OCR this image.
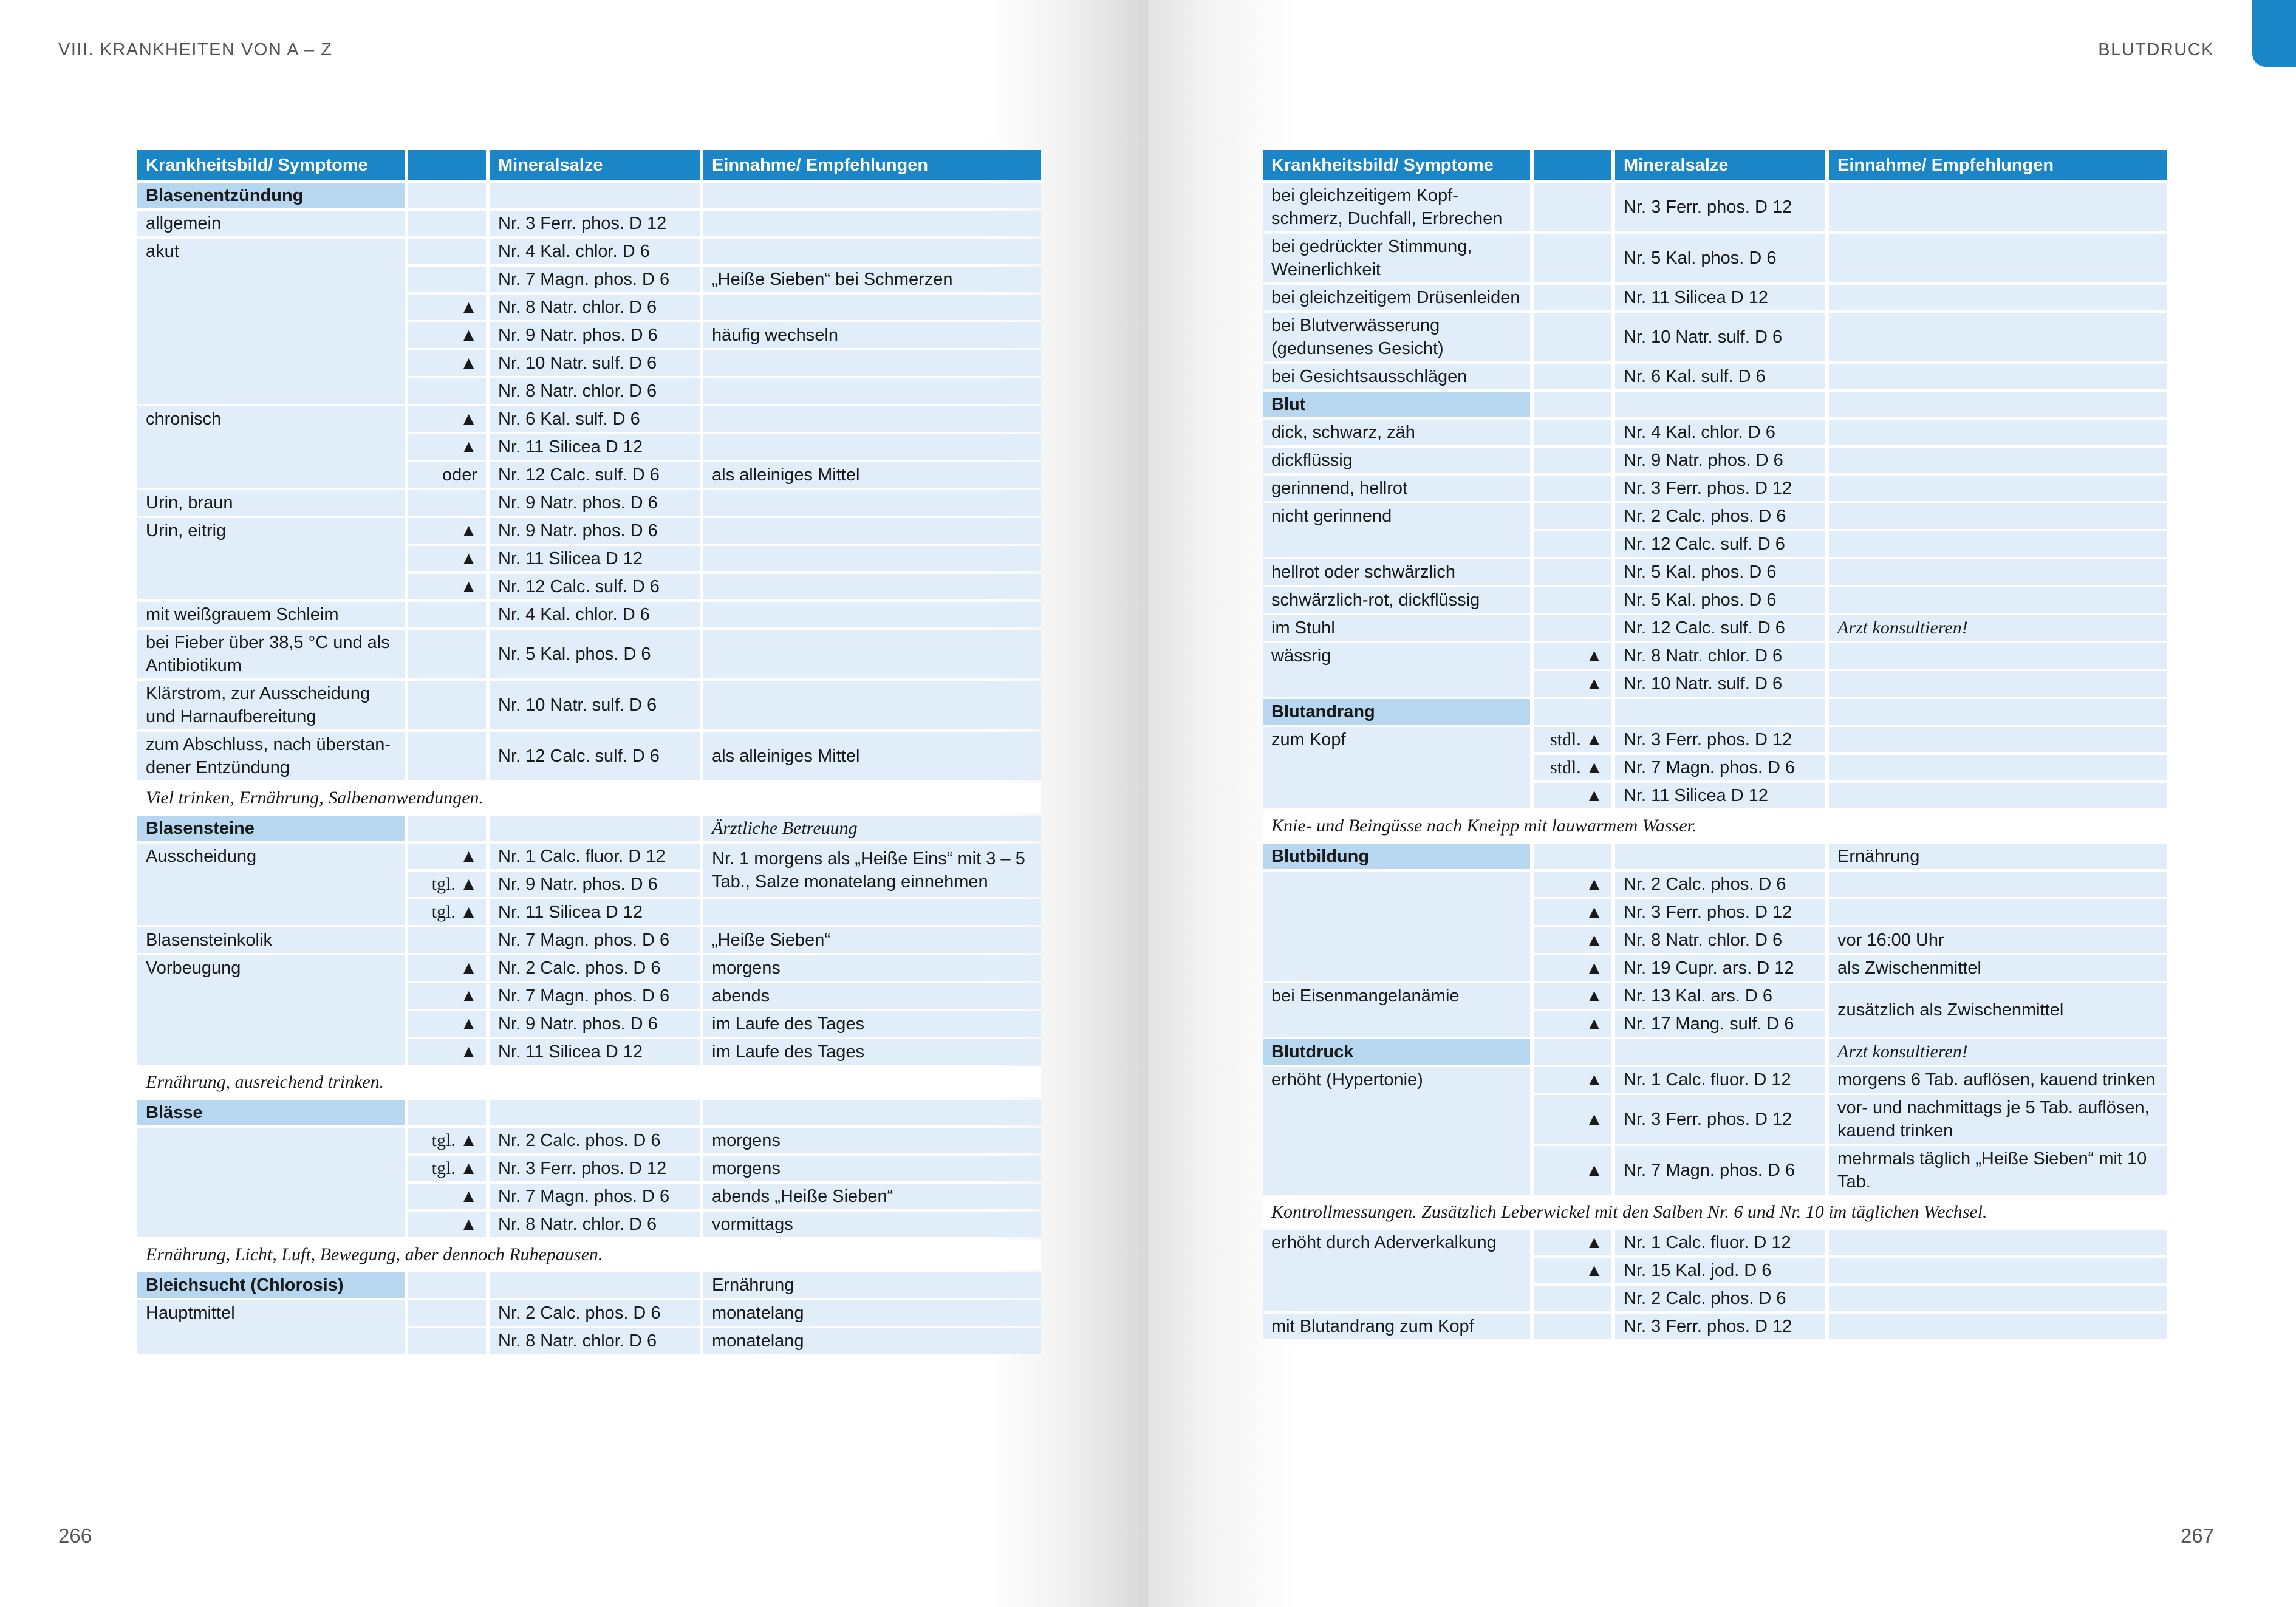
VIII. KRANKHEITEN VON A – Z
Krankheitsbild/ Symptome		Mineralsalze	Einnahme/ Empfehlungen
Blasenentzündung			
allgemein		Nr. 3 Ferr. phos. D 12	
akut		Nr. 4 Kal. chlor. D 6	
		Nr. 7 Magn. phos. D 6	„Heiße Sieben“ bei Schmerzen
	▲	Nr. 8 Natr. chlor. D 6	
	▲	Nr. 9 Natr. phos. D 6	häufig wechseln
	▲	Nr. 10 Natr. sulf. D 6	
		Nr. 8 Natr. chlor. D 6	
chronisch	▲	Nr. 6 Kal. sulf. D 6	
	▲	Nr. 11 Silicea D 12	
	oder	Nr. 12 Calc. sulf. D 6	als alleiniges Mittel
Urin, braun		Nr. 9 Natr. phos. D 6	
Urin, eitrig	▲	Nr. 9 Natr. phos. D 6	
	▲	Nr. 11 Silicea D 12	
	▲	Nr. 12 Calc. sulf. D 6	
mit weißgrauem Schleim		Nr. 4 Kal. chlor. D 6	
bei Fieber über 38,5 °C und als Antibiotikum		Nr. 5 Kal. phos. D 6	
Klärstrom, zur Ausscheidung und Harnaufbereitung		Nr. 10 Natr. sulf. D 6	
zum Abschluss, nach überstan-dener Entzündung		Nr. 12 Calc. sulf. D 6	als alleiniges Mittel
Viel trinken, Ernährung, Salbenanwendungen.			
Blasensteine			Ärztliche Betreuung
Ausscheidung	▲	Nr. 1 Calc. fluor. D 12	Nr. 1 morgens als „Heiße Eins“ mit 3 – 5 Tab., Salze monatelang einnehmen
	tgl. ▲	Nr. 9 Natr. phos. D 6	
	tgl. ▲	Nr. 11 Silicea D 12	
Blasensteinkolik		Nr. 7 Magn. phos. D 6	„Heiße Sieben“
Vorbeugung	▲	Nr. 2 Calc. phos. D 6	morgens
	▲	Nr. 7 Magn. phos. D 6	abends
	▲	Nr. 9 Natr. phos. D 6	im Laufe des Tages
	▲	Nr. 11 Silicea D 12	im Laufe des Tages
Ernährung, ausreichend trinken.			
Blässe			
	tgl. ▲	Nr. 2 Calc. phos. D 6	morgens
	tgl. ▲	Nr. 3 Ferr. phos. D 12	morgens
	▲	Nr. 7 Magn. phos. D 6	abends „Heiße Sieben“
	▲	Nr. 8 Natr. chlor. D 6	vormittags
Ernährung, Licht, Luft, Bewegung, aber dennoch Ruhepausen.			
Bleichsucht (Chlorosis)			Ernährung
Hauptmittel		Nr. 2 Calc. phos. D 6	monatelang
		Nr. 8 Natr. chlor. D 6	monatelang
266
BLUTDRUCK
Krankheitsbild/ Symptome		Mineralsalze	Einnahme/ Empfehlungen
bei gleichzeitigem Kopf-schmerz, Duchfall, Erbrechen		Nr. 3 Ferr. phos. D 12	
bei gedrückter Stimmung, Weinerlichkeit		Nr. 5 Kal. phos. D 6	
bei gleichzeitigem Drüsenleiden		Nr. 11 Silicea D 12	
bei Blutverwässerung (gedunsenes Gesicht)		Nr. 10 Natr. sulf. D 6	
bei Gesichtsausschlägen		Nr. 6 Kal. sulf. D 6	
Blut			
dick, schwarz, zäh		Nr. 4 Kal. chlor. D 6	
dickflüssig		Nr. 9 Natr. phos. D 6	
gerinnend, hellrot		Nr. 3 Ferr. phos. D 12	
nicht gerinnend		Nr. 2 Calc. phos. D 6	
		Nr. 12 Calc. sulf. D 6	
hellrot oder schwärzlich		Nr. 5 Kal. phos. D 6	
schwärzlich-rot, dickflüssig		Nr. 5 Kal. phos. D 6	
im Stuhl		Nr. 12 Calc. sulf. D 6	Arzt konsultieren!
wässrig	▲	Nr. 8 Natr. chlor. D 6	
	▲	Nr. 10 Natr. sulf. D 6	
Blutandrang			
zum Kopf	stdl. ▲	Nr. 3 Ferr. phos. D 12	
	stdl. ▲	Nr. 7 Magn. phos. D 6	
	▲	Nr. 11 Silicea D 12	
Knie- und Beingüsse nach Kneipp mit lauwarmem Wasser.			
Blutbildung			Ernährung
	▲	Nr. 2 Calc. phos. D 6	
	▲	Nr. 3 Ferr. phos. D 12	
	▲	Nr. 8 Natr. chlor. D 6	vor 16:00 Uhr
	▲	Nr. 19 Cupr. ars. D 12	als Zwischenmittel
bei Eisenmangelanämie	▲	Nr. 13 Kal. ars. D 6	zusätzlich als Zwischenmittel
	▲	Nr. 17 Mang. sulf. D 6	
Blutdruck			Arzt konsultieren!
erhöht (Hypertonie)	▲	Nr. 1 Calc. fluor. D 12	morgens 6 Tab. auflösen, kauend trinken
	▲	Nr. 3 Ferr. phos. D 12	vor- und nachmittags je 5 Tab. auflösen, kauend trinken
	▲	Nr. 7 Magn. phos. D 6	mehrmals täglich „Heiße Sieben“ mit 10 Tab.
Kontrollmessungen. Zusätzlich Leberwickel mit den Salben Nr. 6 und Nr. 10 im täglichen Wechsel.			
erhöht durch Aderverkalkung	▲	Nr. 1 Calc. fluor. D 12	
	▲	Nr. 15 Kal. jod. D 6	
		Nr. 2 Calc. phos. D 6	
mit Blutandrang zum Kopf		Nr. 3 Ferr. phos. D 12	
267
